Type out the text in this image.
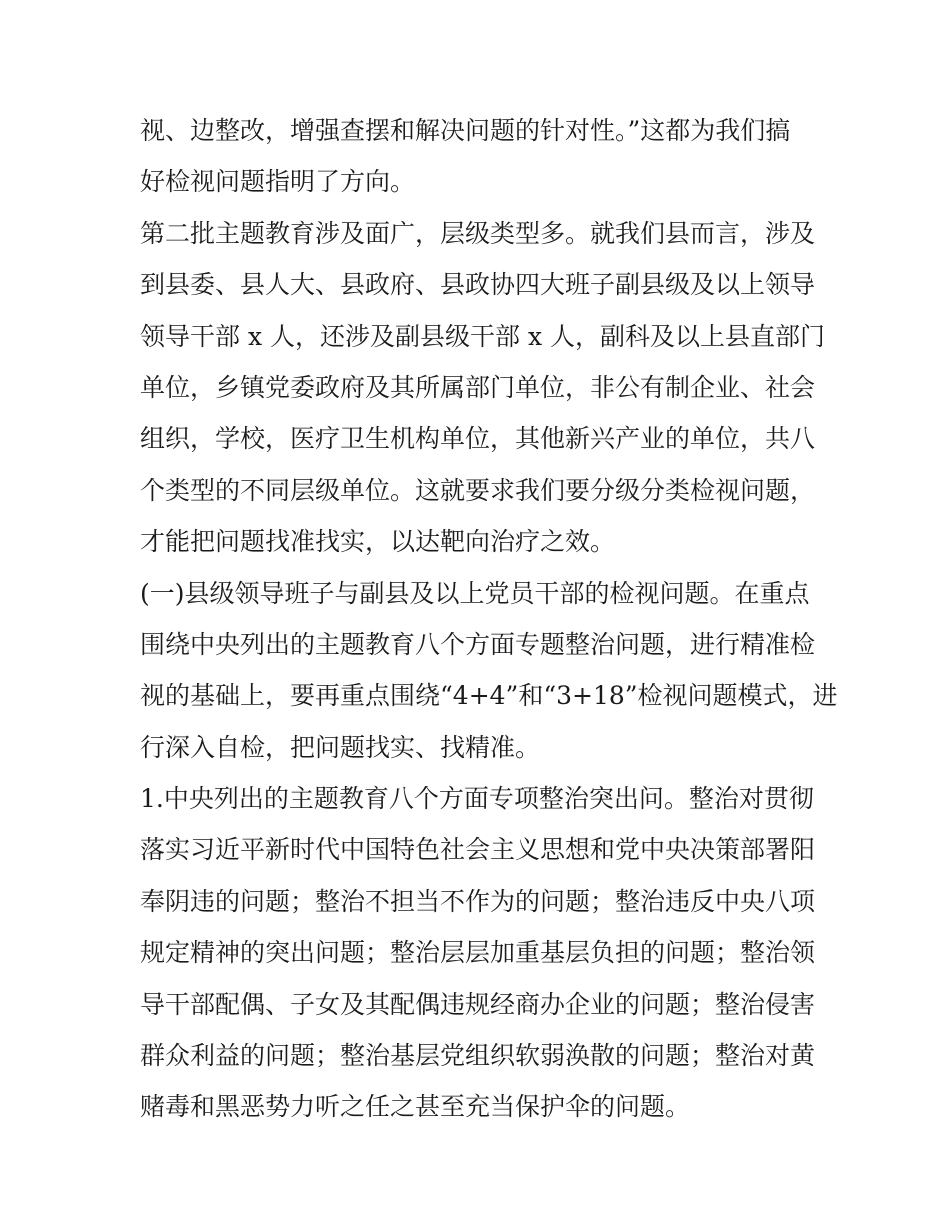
视、边整改，增强查摆和解决问题的针对性。”这都为我们搞
好检视问题指明了方向。
第二批主题教育涉及面广，层级类型多。就我们县而言，涉及
到县委、县人大、县政府、县政协四大班子副县级及以上领导
领导干部 x 人，还涉及副县级干部 x 人，副科及以上县直部门
单位，乡镇党委政府及其所属部门单位，非公有制企业、社会
组织，学校，医疗卫生机构单位，其他新兴产业的单位，共八
个类型的不同层级单位。这就要求我们要分级分类检视问题，
才能把问题找准找实，以达靶向治疗之效。
(一)县级领导班子与副县及以上党员干部的检视问题。在重点
围绕中央列出的主题教育八个方面专题整治问题，进行精准检
视的基础上，要再重点围绕“4+4”和“3+18”检视问题模式，进
行深入自检，把问题找实、找精准。
1.中央列出的主题教育八个方面专项整治突出问。整治对贯彻
落实习近平新时代中国特色社会主义思想和党中央决策部署阳
奉阴违的问题；整治不担当不作为的问题；整治违反中央八项
规定精神的突出问题；整治层层加重基层负担的问题；整治领
导干部配偶、子女及其配偶违规经商办企业的问题；整治侵害
群众利益的问题；整治基层党组织软弱涣散的问题；整治对黄
赌毒和黑恶势力听之任之甚至充当保护伞的问题。
